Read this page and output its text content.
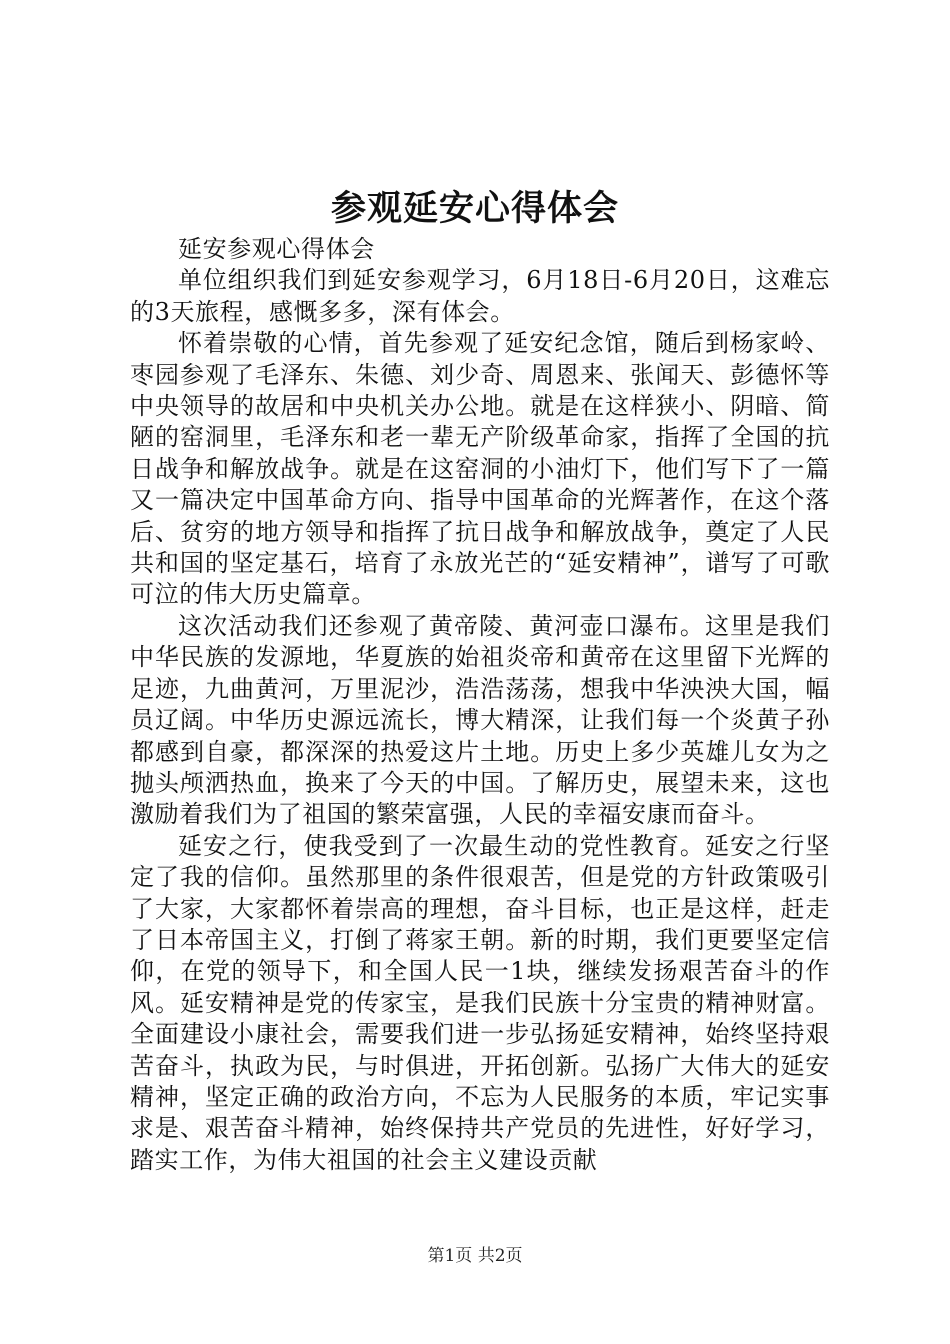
参观延安心得体会

延安参观心得体会

单位组织我们到延安参观学习，6月18日-6月20日，这难忘的3天旅程，感慨多多，深有体会。

怀着崇敬的心情，首先参观了延安纪念馆，随后到杨家岭、枣园参观了毛泽东、朱德、刘少奇、周恩来、张闻天、彭德怀等中央领导的故居和中央机关办公地。就是在这样狭小、阴暗、简陋的窑洞里，毛泽东和老一辈无产阶级革命家，指挥了全国的抗日战争和解放战争。就是在这窑洞的小油灯下，他们写下了一篇又一篇决定中国革命方向、指导中国革命的光辉著作，在这个落后、贫穷的地方领导和指挥了抗日战争和解放战争，奠定了人民共和国的坚定基石，培育了永放光芒的“延安精神”，谱写了可歌可泣的伟大历史篇章。

这次活动我们还参观了黄帝陵、黄河壶口瀑布。这里是我们中华民族的发源地，华夏族的始祖炎帝和黄帝在这里留下光辉的足迹，九曲黄河，万里泥沙，浩浩荡荡，想我中华泱泱大国，幅员辽阔。中华历史源远流长，博大精深，让我们每一个炎黄子孙都感到自豪，都深深的热爱这片土地。历史上多少英雄儿女为之抛头颅洒热血，换来了今天的中国。了解历史，展望未来，这也激励着我们为了祖国的繁荣富强，人民的幸福安康而奋斗。

延安之行，使我受到了一次最生动的党性教育。延安之行坚定了我的信仰。虽然那里的条件很艰苦，但是党的方针政策吸引了大家，大家都怀着崇高的理想，奋斗目标，也正是这样，赶走了日本帝国主义，打倒了蒋家王朝。新的时期，我们更要坚定信仰，在党的领导下，和全国人民一1块，继续发扬艰苦奋斗的作风。延安精神是党的传家宝，是我们民族十分宝贵的精神财富。全面建设小康社会，需要我们进一步弘扬延安精神，始终坚持艰苦奋斗，执政为民，与时俱进，开拓创新。弘扬广大伟大的延安精神，坚定正确的政治方向，不忘为人民服务的本质，牢记实事求是、艰苦奋斗精神，始终保持共产党员的先进性，好好学习，踏实工作，为伟大祖国的社会主义建设贡献

第1页 共2页
